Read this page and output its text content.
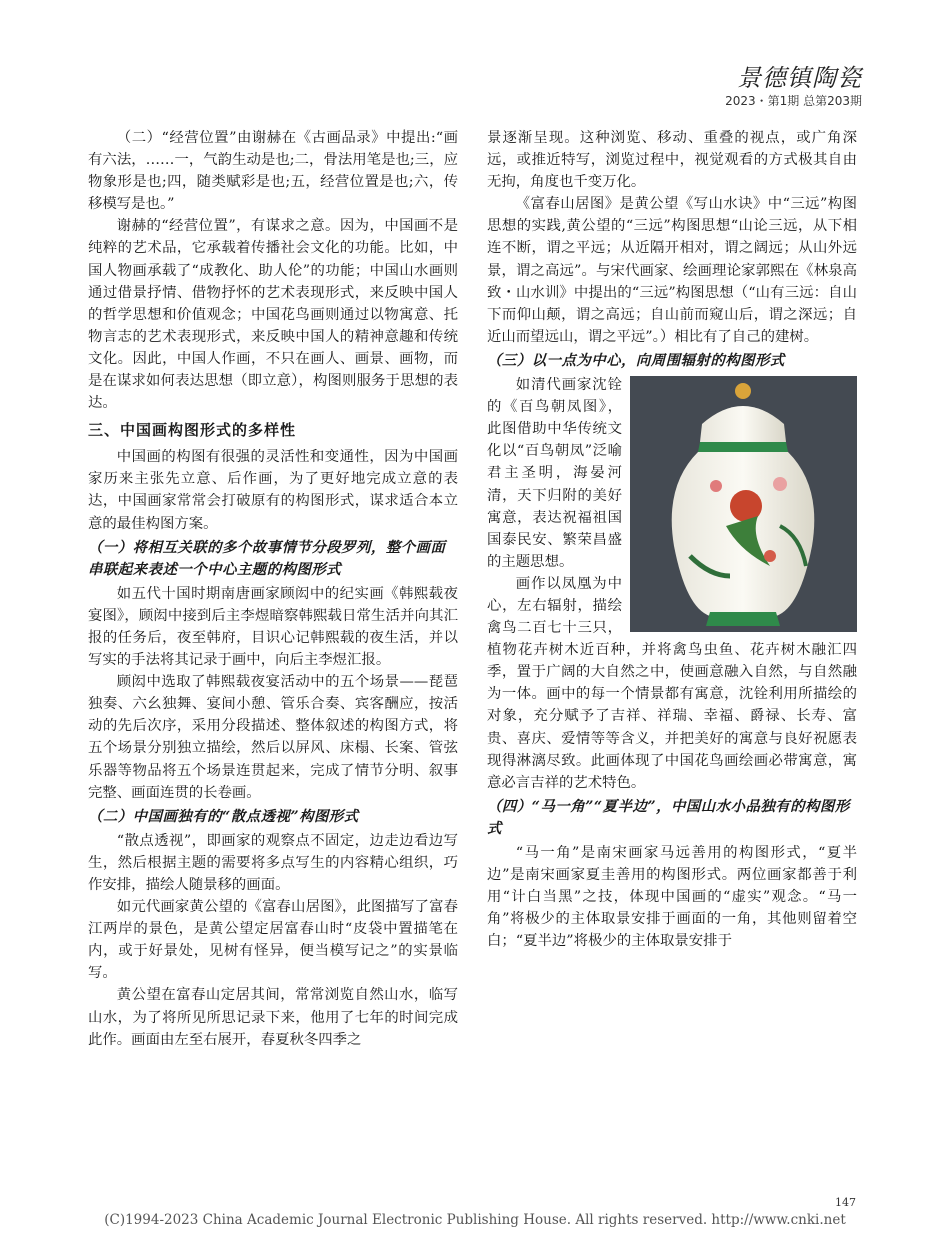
景德镇陶瓷
2023・第1期 总第203期

（二）“经营位置”由谢赫在《古画品录》中提出:“画有六法，……一，气韵生动是也;二，骨法用笔是也;三，应物象形是也;四，随类赋彩是也;五，经营位置是也;六，传移模写是也。”

谢赫的“经营位置”，有谋求之意。因为，中国画不是纯粹的艺术品，它承载着传播社会文化的功能。比如，中国人物画承载了“成教化、助人伦”的功能；中国山水画则通过借景抒情、借物抒怀的艺术表现形式，来反映中国人的哲学思想和价值观念；中国花鸟画则通过以物寓意、托物言志的艺术表现形式，来反映中国人的精神意趣和传统文化。因此，中国人作画，不只在画人、画景、画物，而是在谋求如何表达思想（即立意），构图则服务于思想的表达。

三、中国画构图形式的多样性

中国画的构图有很强的灵活性和变通性，因为中国画家历来主张先立意、后作画，为了更好地完成立意的表达，中国画家常常会打破原有的构图形式，谋求适合本立意的最佳构图方案。

（一）将相互关联的多个故事情节分段罗列，整个画面串联起来表述一个中心主题的构图形式

如五代十国时期南唐画家顾闳中的纪实画《韩熙载夜宴图》，顾闳中接到后主李煜暗察韩熙载日常生活并向其汇报的任务后，夜至韩府，目识心记韩熙载的夜生活，并以写实的手法将其记录于画中，向后主李煜汇报。

顾闳中选取了韩熙载夜宴活动中的五个场景——琵琶独奏、六幺独舞、宴间小憩、管乐合奏、宾客酬应，按活动的先后次序，采用分段描述、整体叙述的构图方式，将五个场景分别独立描绘，然后以屏风、床榻、长案、管弦乐器等物品将五个场景连贯起来，完成了情节分明、叙事完整、画面连贯的长卷画。

（二）中国画独有的“散点透视”构图形式

“散点透视”，即画家的观察点不固定，边走边看边写生，然后根据主题的需要将多点写生的内容精心组织，巧作安排，描绘人随景移的画面。

如元代画家黄公望的《富春山居图》，此图描写了富春江两岸的景色，是黄公望定居富春山时“皮袋中置描笔在内，或于好景处，见树有怪异，便当模写记之”的实景临写。

黄公望在富春山定居其间，常常浏览自然山水，临写山水，为了将所见所思记录下来，他用了七年的时间完成此作。画面由左至右展开，春夏秋冬四季之

景逐渐呈现。这种浏览、移动、重叠的视点，或广角深远，或推近特写，浏览过程中，视觉观看的方式极其自由无拘，角度也千变万化。

《富春山居图》是黄公望《写山水诀》中“三远”构图思想的实践,黄公望的“三远”构图思想“山论三远，从下相连不断，谓之平远；从近隔开相对，谓之阔远；从山外远景，谓之高远”。与宋代画家、绘画理论家郭熙在《林泉高致・山水训》中提出的“三远”构图思想（“山有三远：自山下而仰山颠，谓之高远；自山前而窥山后，谓之深远；自近山而望远山，谓之平远”。）相比有了自己的建树。

（三）以一点为中心，向周围辐射的构图形式

如清代画家沈铨的《百鸟朝凤图》，此图借助中华传统文化以“百鸟朝凤”泛喻君主圣明，海晏河清，天下归附的美好寓意，表达祝福祖国国泰民安、繁荣昌盛的主题思想。

画作以凤凰为中心，左右辐射，描绘禽鸟二百七十三只，植物花卉树木近百种，并将禽鸟虫鱼、花卉树木融汇四季，置于广阔的大自然之中，使画意融入自然，与自然融为一体。画中的每一个情景都有寓意，沈铨利用所描绘的对象，充分赋予了吉祥、祥瑞、幸福、爵禄、长寿、富贵、喜庆、爱情等等含义，并把美好的寓意与良好祝愿表现得淋漓尽致。此画体现了中国花鸟画绘画必带寓意，寓意必言吉祥的艺术特色。

（四）“马一角”“夏半边”，中国山水小品独有的构图形式

“马一角”是南宋画家马远善用的构图形式，“夏半边”是南宋画家夏圭善用的构图形式。两位画家都善于利用“计白当黑”之技，体现中国画的“虚实”观念。“马一角”将极少的主体取景安排于画面的一角，其他则留着空白；“夏半边”将极少的主体取景安排于

147
(C)1994-2023 China Academic Journal Electronic Publishing House. All rights reserved. http://www.cnki.net
